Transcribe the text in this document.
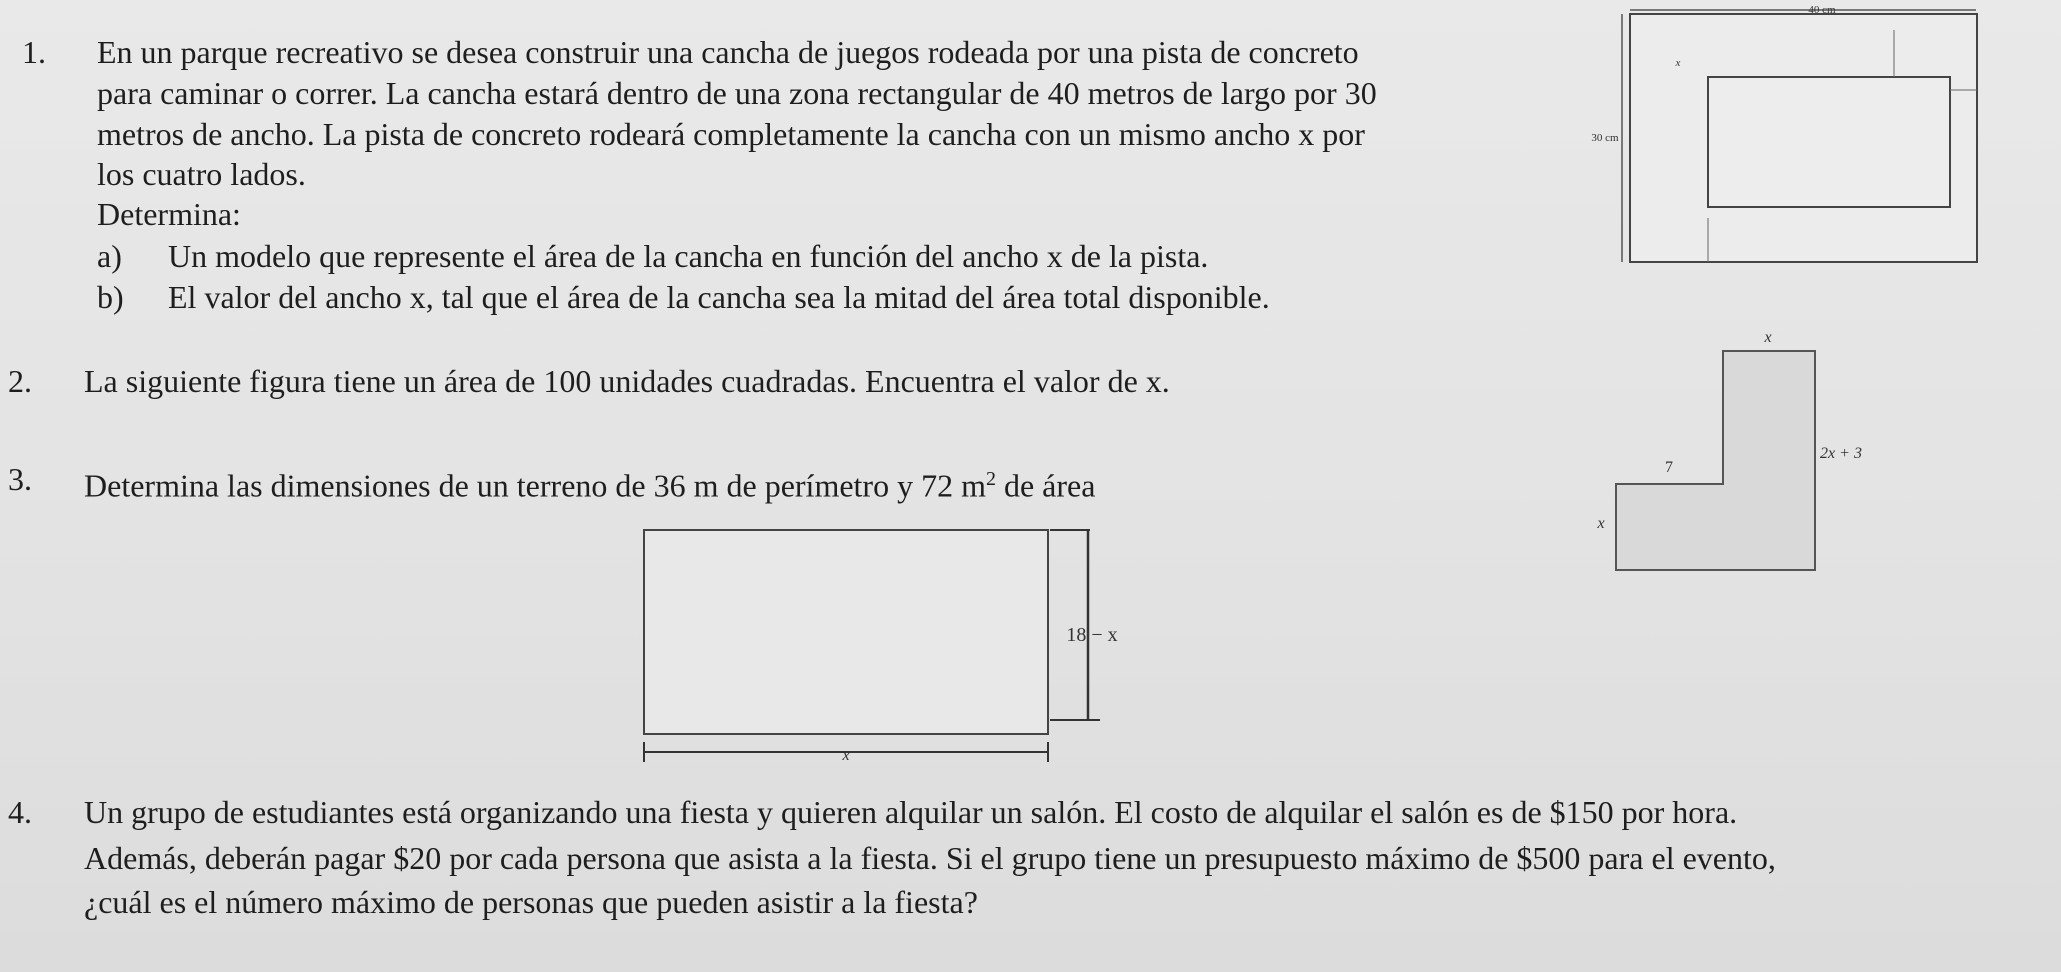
1. En un parque recreativo se desea construir una cancha de juegos rodeada por una pista de concreto
para caminar o correr. La cancha estará dentro de una zona rectangular de 40 metros de largo por 30
metros de ancho. La pista de concreto rodeará completamente la cancha con un mismo ancho x por
los cuatro lados.
Determina:
a) Un modelo que represente el área de la cancha en función del ancho x de la pista.
b) El valor del ancho x, tal que el área de la cancha sea la mitad del área total disponible.
2. La siguiente figura tiene un área de 100 unidades cuadradas. Encuentra el valor de x.
3. Determina las dimensiones de un terreno de 36 m de perímetro y 72 $m^2$ de área
4. Un grupo de estudiantes está organizando una fiesta y quieren alquilar un salón. El costo de alquilar el salón es de $150 por hora.
Además, deberán pagar $20 por cada persona que asista a la fiesta. Si el grupo tiene un presupuesto máximo de $500 para el evento,
¿cuál es el número máximo de personas que pueden asistir a la fiesta?
40 cm
30 cm
x
x
2x + 3
7
x
18 − x
x
